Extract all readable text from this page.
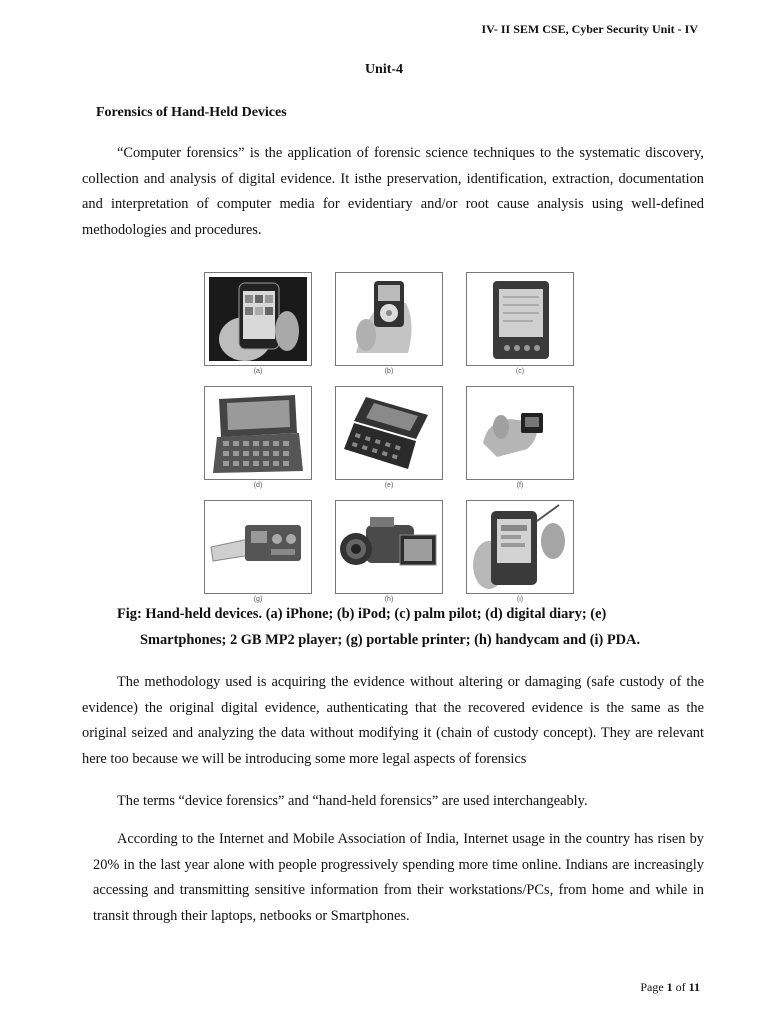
IV- II SEM CSE, Cyber Security Unit - IV
Unit-4
Forensics of Hand-Held Devices

“Computer forensics” is the application of forensic science techniques to the systematic discovery, collection and analysis of digital evidence. It isthe preservation, identification, extraction, documentation and interpretation of computer media for evidentiary and/or root cause analysis using well-defined methodologies and procedures.

(a)	(b)	(c)
(d)	(e)	(f)
(g)	(h)	(i)
Fig: Hand-held devices. (a) iPhone; (b) iPod; (c) palm pilot; (d) digital diary; (e)
Smartphones; 2 GB MP2 player; (g) portable printer; (h) handycam and (i) PDA.

The methodology used is acquiring the evidence without altering or damaging (safe custody of the evidence) the original digital evidence, authenticating that the recovered evidence is the same as the original seized and analyzing the data without modifying it (chain of custody concept). They are relevant here too because we will be introducing some more legal aspects of forensics

The terms “device forensics” and “hand-held forensics” are used interchangeably.

According to the Internet and Mobile Association of India, Internet usage in the country has risen by 20% in the last year alone with people progressively spending more time online. Indians are increasingly accessing and transmitting sensitive information from their workstations/PCs, from home and while in transit through their laptops, netbooks or Smartphones.

Page 1 of 11
